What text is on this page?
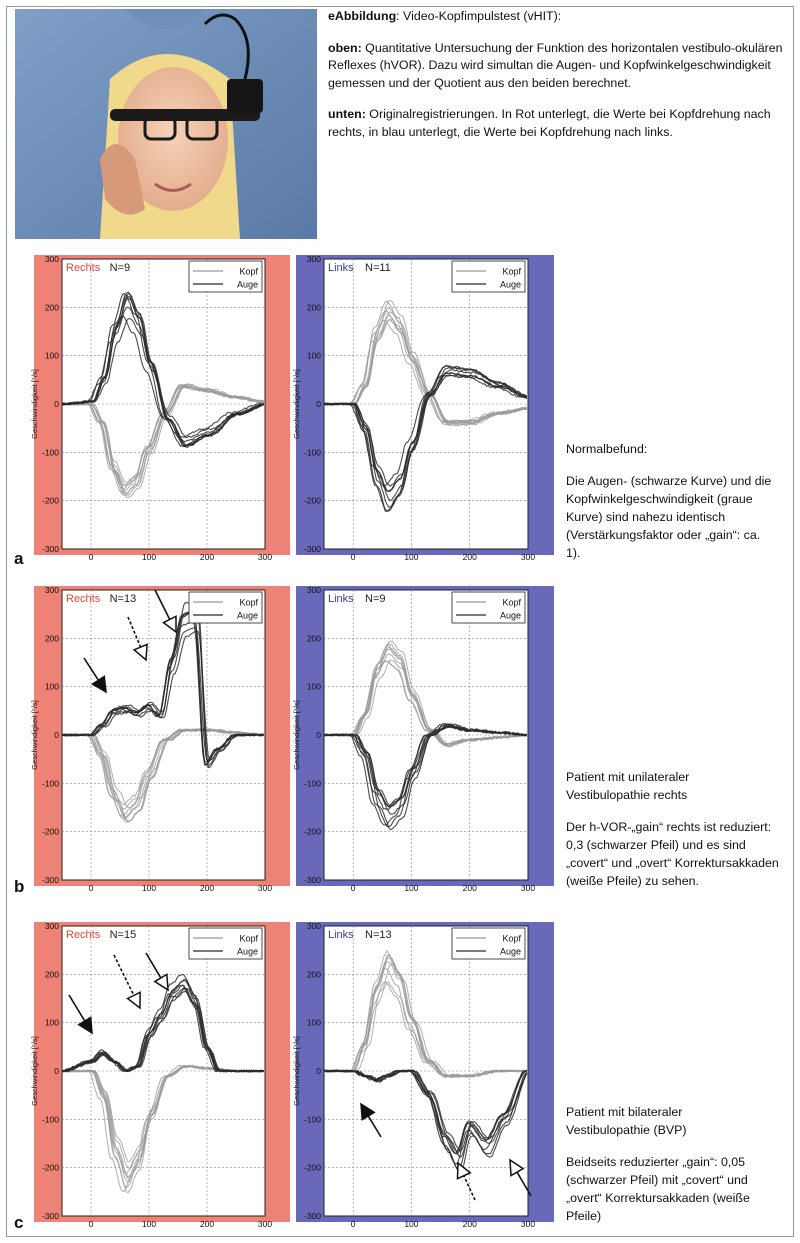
eAbbildung: Video-Kopfimpulstest (vHIT):

oben: Quantitative Untersuchung der Funktion des horizontalen vestibulo-okulären Reflexes (hVOR). Dazu wird simultan die Augen- und Kopfwinkelgeschwindigkeit gemessen und der Quotient aus den beiden berechnet.

unten: Originalregistrierungen. In Rot unterlegt, die Werte bei Kopfdrehung nach rechts, in blau unterlegt, die Werte bei Kopfdrehung nach links.

a
b
c

Normalbefund:

Die Augen- (schwarze Kurve) und die Kopfwinkelgeschwindigkeit (graue Kurve) sind nahezu identisch (Verstärkungsfaktor oder „gain“: ca. 1).

Patient mit unilateraler Vestibulopathie rechts

Der h-VOR-„gain“ rechts ist reduziert: 0,3 (schwarzer Pfeil) und es sind „covert“ und „overt“ Korrektursakkaden (weiße Pfeile) zu sehen.

Patient mit bilateraler Vestibulopathie (BVP)

Beidseits reduzierter „gain“: 0,05 (schwarzer Pfeil) mit „covert“ und „overt“ Korrektursakkaden (weiße Pfeile)

-300
-200
-100
0
100
200
300
0	100	200	300
Geschwindigkeit [°/s]
Rechts N=9	Kopf
Auge
-300
-200
-100
0
100
200
300
0	100	200	300
Geschwindigkeit [°/s]
Links N=11	Kopf
Auge
-300
-200
-100
0
100
200
300
0	100	200	300
Geschwindigkeit [°/s]
Rechts N=13	Kopf
Auge
-300
-200
-100
0
100
200
300
0	100	200	300
Geschwindigkeit [°/s]
Links N=9	Kopf
Auge
-300
-200
-100
0
100
200
300
0	100	200	300
Geschwindigkeit [°/s]
Rechts N=15	Kopf
Auge
-300
-200
-100
0
100
200
300
0	100	200	300
Geschwindigkeit [°/s]
Links N=13	Kopf
Auge
